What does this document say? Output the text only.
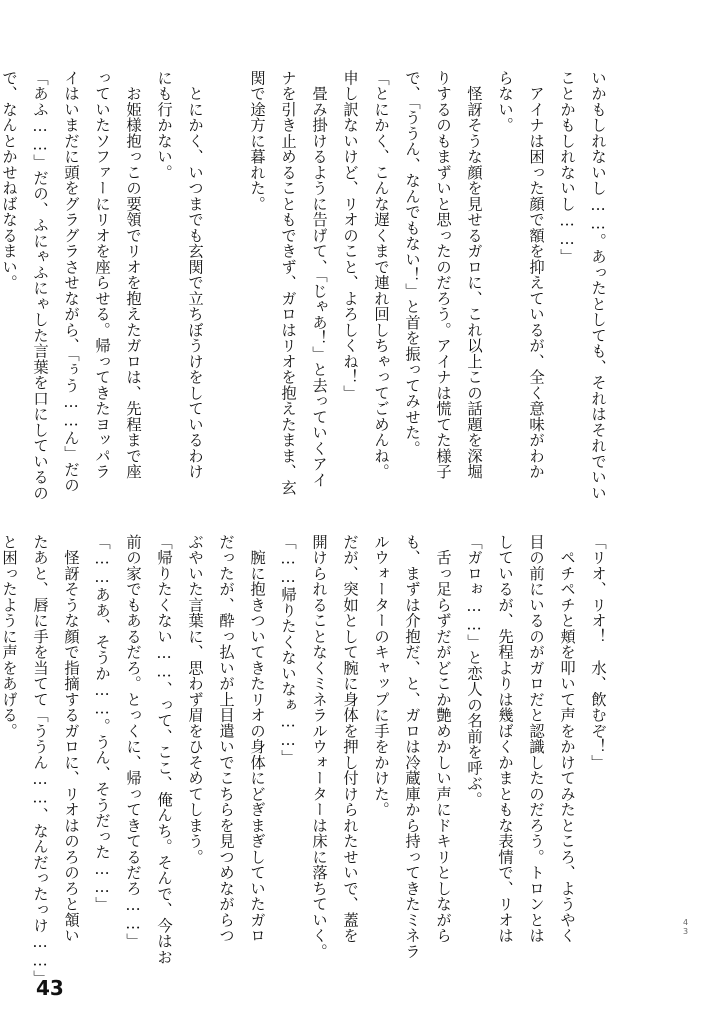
いかもしれないし……。あったとしても、それはそれでいい
ことかもしれないし……」
　アイナは困った顔で額を抑えているが、全く意味がわか
らない。
　怪訝そうな顔を見せるガロに、これ以上この話題を深堀
りするのもまずいと思ったのだろう。アイナは慌てた様子
で、「ううん、なんでもない！」と首を振ってみせた。
「とにかく、こんな遅くまで連れ回しちゃってごめんね。
申し訳ないけど、リオのこと、よろしくね！」
　畳み掛けるように告げて、「じゃあ！」と去っていくアイ
ナを引き止めることもできず、ガロはリオを抱えたまま、玄
関で途方に暮れた。

　とにかく、いつまでも玄関で立ちぼうけをしているわけ
にも行かない。
　お姫様抱っこの要領でリオを抱えたガロは、先程まで座
っていたソファーにリオを座らせる。帰ってきたヨッパラ
イはいまだに頭をグラグラさせながら、「ぅう……ん」だの
「あふ……」だの、ふにゃふにゃした言葉を口にしているの
で、なんとかせねばなるまい。
「リオ、リオ！　水、飲むぞ！」
　ペチペチと頬を叩いて声をかけてみたところ、ようやく
目の前にいるのがガロだと認識したのだろう。トロンとは
しているが、先程よりは幾ばくかまともな表情で、リオは
「ガロぉ……」と恋人の名前を呼ぶ。
　舌っ足らずだがどこか艶めかしい声にドキリとしながら
も、まずは介抱だ、と、ガロは冷蔵庫から持ってきたミネラ
ルウォーターのキャップに手をかけた。
だが、突如として腕に身体を押し付けられたせいで、蓋を
開けられることなくミネラルウォーターは床に落ちていく。
「……帰りたくないなぁ……」
　腕に抱きついてきたリオの身体にどぎまぎしていたガロ
だったが、酔っ払いが上目遣いでこちらを見つめながらつ
ぶやいた言葉に、思わず眉をひそめてしまう。
「帰りたくない……、って、ここ、俺んち。そんで、今はお
前の家でもあるだろ。とっくに、帰ってきてるだろ……」
「……ああ、そうか……。うん、そうだった……」
　怪訝そうな顔で指摘するガロに、リオはのろのろと頷い
たあと、唇に手を当てて「ううん……、なんだったっけ……」
と困ったように声をあげる。
43
43
